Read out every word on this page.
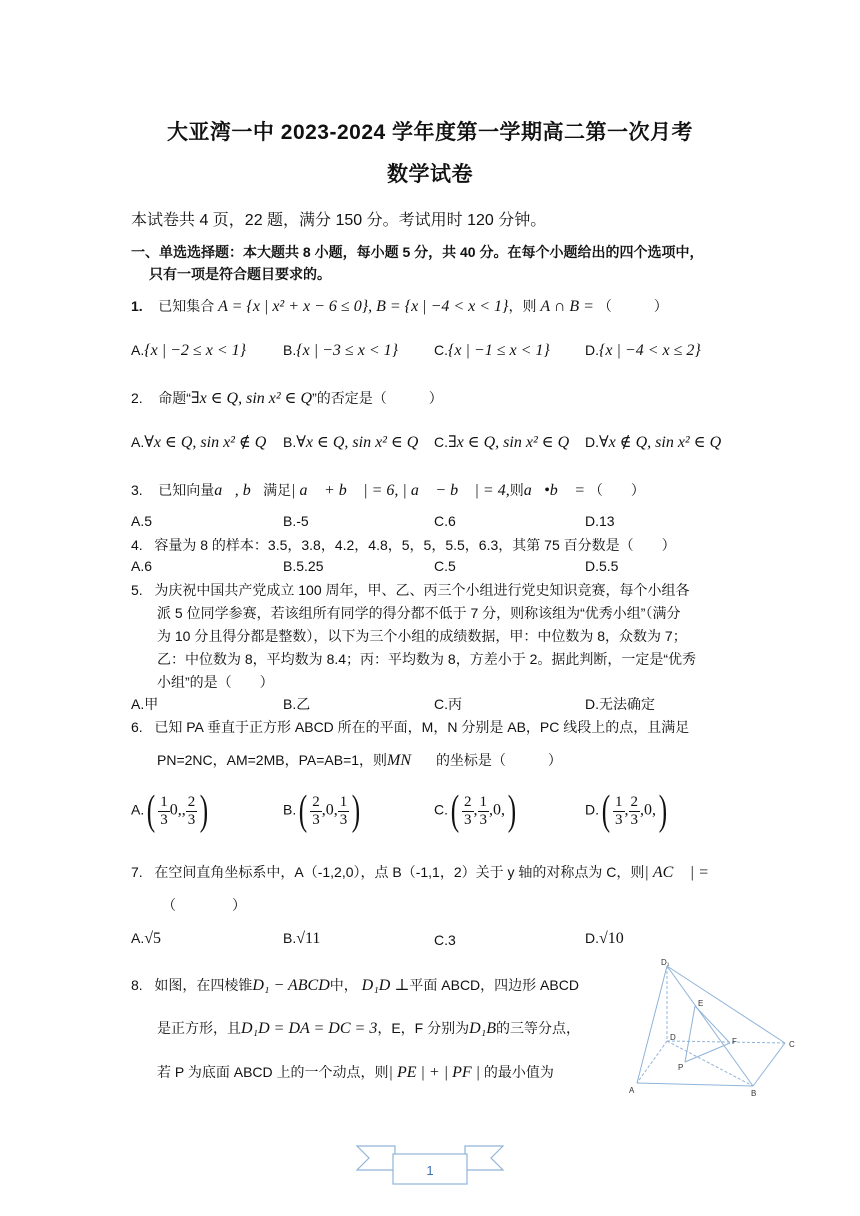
大亚湾一中 2023-2024 学年度第一学期高二第一次月考
数学试卷
本试卷共 4 页，22 题，满分 150 分。考试用时 120 分钟。
一、单选选择题：本大题共 8 小题，每小题 5 分，共 40 分。在每个小题给出的四个选项中，
只有一项是符合题目要求的。
1. 已知集合 A = {x | x² + x − 6 ≤ 0}, B = {x | −4 < x < 1}，则 A ∩ B = （　　　）
A.{x | −2 ≤ x < 1}	B.{x | −3 ≤ x < 1}	C.{x | −1 ≤ x < 1}	D.{x | −4 < x ≤ 2}
2. 命题“∃x ∈ Q, sin x² ∈ Q”的否定是（　　　）
A.∀x ∈ Q, sin x² ∉ Q B.∀x ∈ Q, sin x² ∈ Q C.∃x ∈ Q, sin x² ∈ Q D.∀x ∉ Q, sin x² ∈ Q
3. 已知向量a⃗, b⃗满足| a⃗ + b⃗ | = 6, | a⃗ − b⃗ | = 4,则a⃗•b⃗ = （　　）
A.5	B.-5	C.6	D.13
4. 容量为 8 的样本：3.5，3.8，4.2，4.8，5，5，5.5，6.3，其第 75 百分数是（　　）
A.6	B.5.25	C.5	D.5.5
5. 为庆祝中国共产党成立 100 周年，甲、乙、丙三个小组进行党史知识竞赛，每个小组各
派 5 位同学参赛，若该组所有同学的得分都不低于 7 分，则称该组为“优秀小组”（满分
为 10 分且得分都是整数），以下为三个小组的成绩数据，甲：中位数为 8，众数为 7；
乙：中位数为 8，平均数为 8.4；丙：平均数为 8，方差小于 2。据此判断，一定是“优秀
小组”的是（　　）
A.甲	B.乙	C.丙	D.无法确定
6. 已知 PA 垂直于正方形 ABCD 所在的平面，M，N 分别是 AB，PC 线段上的点，且满足
PN=2NC，AM=2MB，PA=AB=1，则MN⃗⃗的坐标是（　　　）
$A.( \frac{1}{3} 0$,, $\frac{2}{3}$ )	$B.( \frac{2}{3} ,0$, $\frac{1}{3}$ )	$C.( \frac{2}{3}$ , $\frac{1}{3} ,0$,)	$D.( \frac{1}{3}$ , $\frac{2}{3} ,0$,)
7. 在空间直角坐标系中，A（-1,2,0），点 B（-1,1，2）关于 y 轴的对称点为 C，则| AC⃗ | =
（　　　　）
A.√5	B.√11	C.3	D.√10
8. 如图，在四棱锥D₁ − ABCD中， D₁D ⊥平面 ABCD，四边形 ABCD
是正方形，且D₁D = DA = DC = 3，E，F 分别为D₁B的三等分点，
若 P 为底面 ABCD 上的一个动点，则| PE | + | PF | 的最小值为
D₁
E
D	F	C
P
A	B
1
